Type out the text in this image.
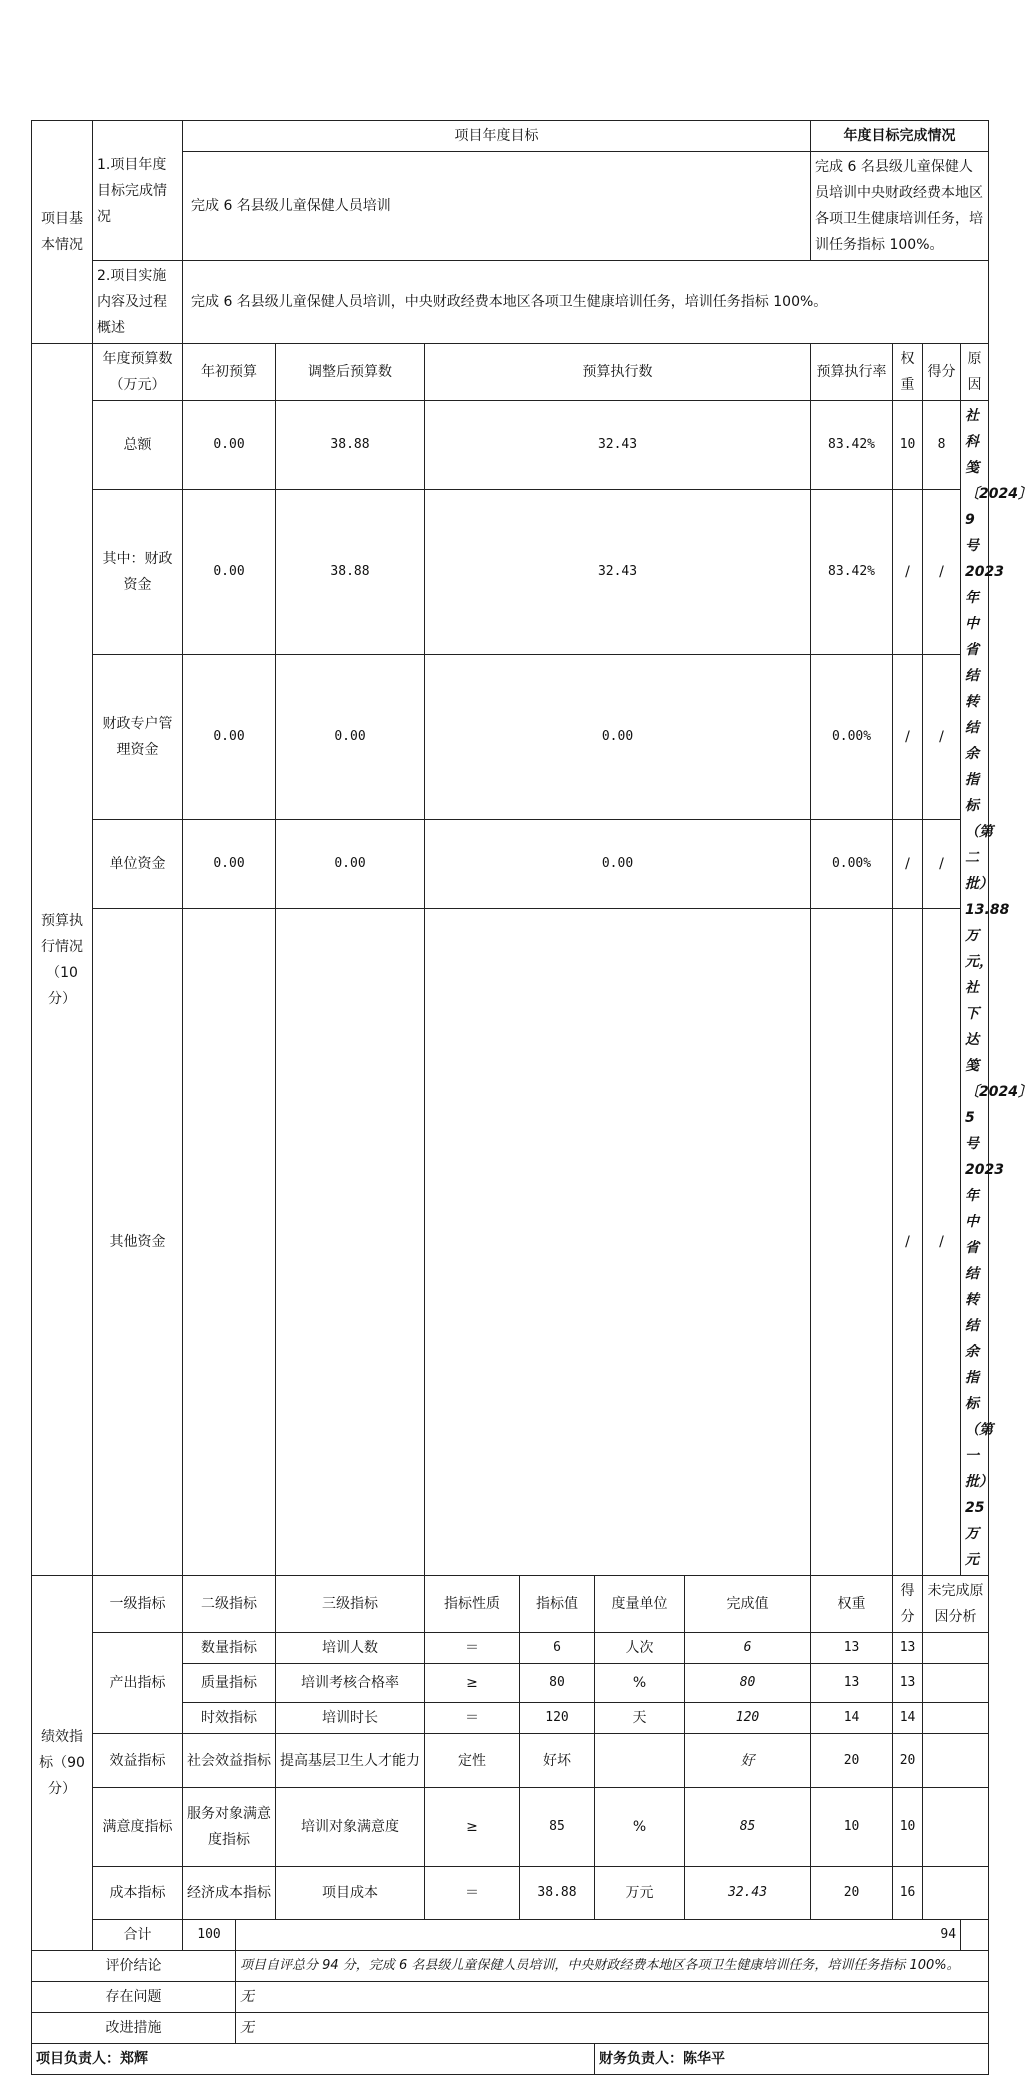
项目基本情况	1.项目年度目标完成情况	项目年度目标							年度目标完成情况			
		完成 6 名县级儿童保健人员培训							完成 6 名县级儿童保健人员培训中央财政经费本地区各项卫生健康培训任务，培训任务指标 100%。			
	2.项目实施内容及过程概述	完成 6 名县级儿童保健人员培训，中央财政经费本地区各项卫生健康培训任务，培训任务指标 100%。										
预算执行情况（10分）	年度预算数（万元）	年初预算		调整后预算数	预算执行数				预算执行率	权重	得分	原因
	总额	0.00		38.88	32.43				83.42%	10	8	社科笺〔2024〕9号 2023 年中省结转结余指标（第二批）13.88 万元，社下达笺〔2024〕5 号 2023 年中省结转结余指标（第一批）25 万元
	其中：财政资金	0.00		38.88	32.43				83.42%	/	/	
	财政专户管理资金	0.00		0.00	0.00				0.00%	/	/	
	单位资金	0.00		0.00	0.00				0.00%	/	/	
	其他资金									/	/	
绩效指标（90分）	一级指标	二级指标		三级指标	指标性质	指标值	度量单位	完成值	权重	得分	未完成原因分析	
	产出指标	数量指标		培训人数	＝	6	人次	6	13	13		
		质量指标		培训考核合格率	≥	80	%	80	13	13		
		时效指标		培训时长	＝	120	天	120	14	14		
	效益指标	社会效益指标		提高基层卫生人才能力	定性	好坏		好	20	20		
	满意度指标	服务对象满意度指标		培训对象满意度	≥	85	%	85	10	10		
	成本指标	经济成本指标		项目成本	＝	38.88	万元	32.43	20	16		
	合计	100	94									
评价结论			项目自评总分 94 分，完成 6 名县级儿童保健人员培训，中央财政经费本地区各项卫生健康培训任务，培训任务指标 100%。									
存在问题			无									
改进措施			无									
项目负责人：郑辉							财务负责人：陈华平					
